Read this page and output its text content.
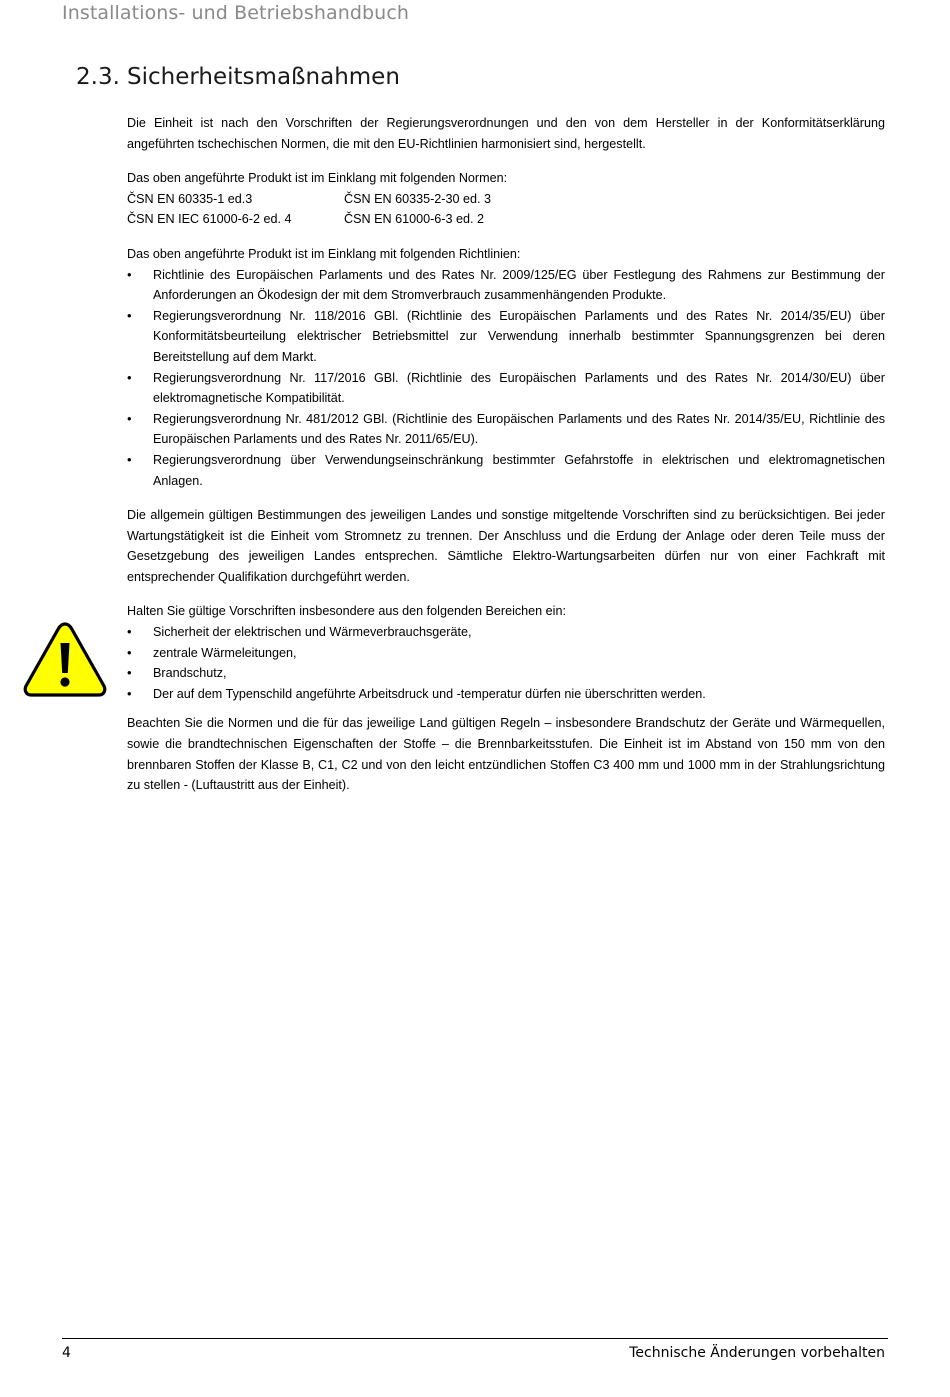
Installations- und Betriebshandbuch
2.3. Sicherheitsmaßnahmen

Die Einheit ist nach den Vorschriften der Regierungsverordnungen und den von dem Hersteller in der Konformitätserklärung angeführten tschechischen Normen, die mit den EU-Richtlinien harmonisiert sind, hergestellt.

Das oben angeführte Produkt ist im Einklang mit folgenden Normen:

ČSN EN 60335-1 ed.3	ČSN EN 60335-2-30 ed. 3
ČSN EN IEC 61000-6-2 ed. 4	ČSN EN 61000-6-3 ed. 2

Das oben angeführte Produkt ist im Einklang mit folgenden Richtlinien:

• Richtlinie des Europäischen Parlaments und des Rates Nr. 2009/125/EG über Festlegung des Rahmens zur Bestimmung der Anforderungen an Ökodesign der mit dem Stromverbrauch zusammenhängenden Produkte.
• Regierungsverordnung Nr. 118/2016 GBl. (Richtlinie des Europäischen Parlaments und des Rates Nr. 2014/35/EU) über Konformitätsbeurteilung elektrischer Betriebsmittel zur Verwendung innerhalb bestimmter Spannungsgrenzen bei deren Bereitstellung auf dem Markt.
• Regierungsverordnung Nr. 117/2016 GBl. (Richtlinie des Europäischen Parlaments und des Rates Nr. 2014/30/EU) über elektromagnetische Kompatibilität.
• Regierungsverordnung Nr. 481/2012 GBl. (Richtlinie des Europäischen Parlaments und des Rates Nr. 2014/35/EU, Richtlinie des Europäischen Parlaments und des Rates Nr. 2011/65/EU).
• Regierungsverordnung über Verwendungseinschränkung bestimmter Gefahrstoffe in elektrischen und elektromagnetischen Anlagen.

Die allgemein gültigen Bestimmungen des jeweiligen Landes und sonstige mitgeltende Vorschriften sind zu berücksichtigen. Bei jeder Wartungstätigkeit ist die Einheit vom Stromnetz zu trennen. Der Anschluss und die Erdung der Anlage oder deren Teile muss der Gesetzgebung des jeweiligen Landes entsprechen. Sämtliche Elektro-Wartungsarbeiten dürfen nur von einer Fachkraft mit entsprechender Qualifikation durchgeführt werden.

Halten Sie gültige Vorschriften insbesondere aus den folgenden Bereichen ein:

• Sicherheit der elektrischen und Wärmeverbrauchsgeräte,
• zentrale Wärmeleitungen,
• Brandschutz,
• Der auf dem Typenschild angeführte Arbeitsdruck und -temperatur dürfen nie überschritten werden.

Beachten Sie die Normen und die für das jeweilige Land gültigen Regeln – insbesondere Brandschutz der Geräte und Wärmequellen, sowie die brandtechnischen Eigenschaften der Stoffe – die Brennbarkeitsstufen. Die Einheit ist im Abstand von 150 mm von den brennbaren Stoffen der Klasse B, C1, C2 und von den leicht entzündlichen Stoffen C3 400 mm und 1000 mm in der Strahlungsrichtung zu stellen - (Luftaustritt aus der Einheit).

4	Technische Änderungen vorbehalten
